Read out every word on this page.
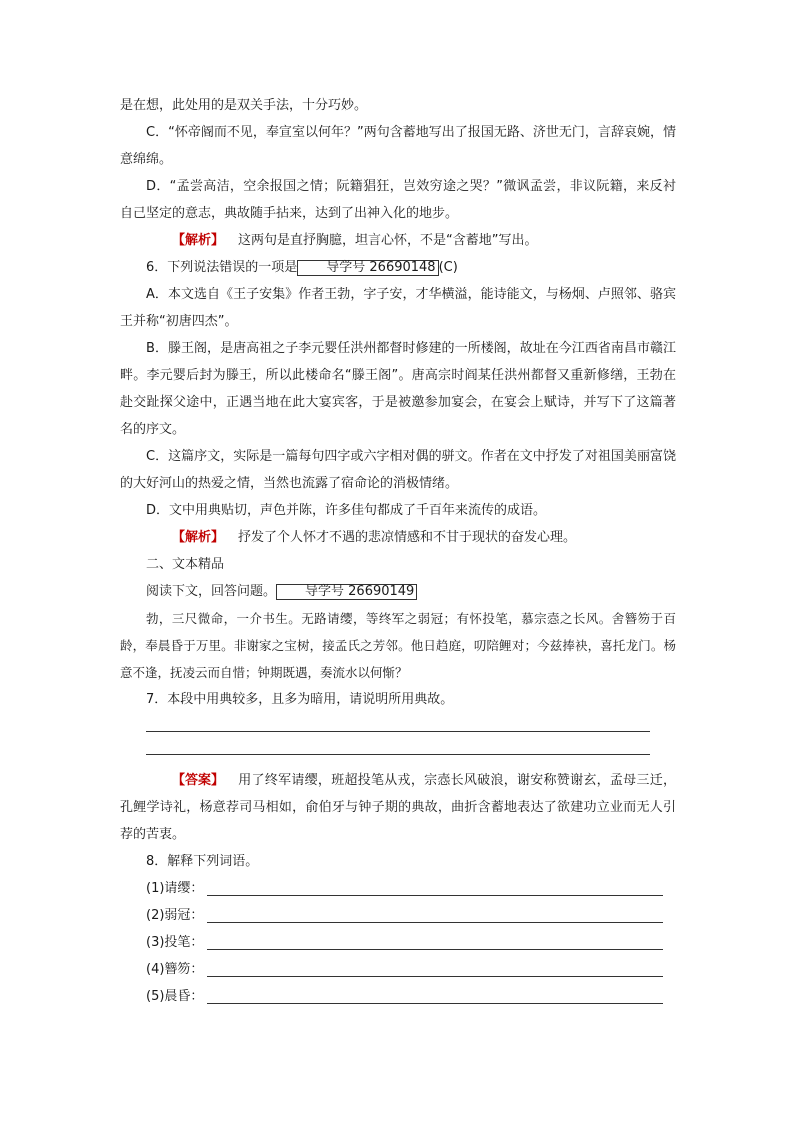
是在想，此处用的是双关手法，十分巧妙。

C．“怀帝阍而不见，奉宣室以何年？”两句含蓄地写出了报国无路、济世无门，言辞哀婉，情意绵绵。

D．“孟尝高洁，空余报国之情；阮籍猖狂，岂效穷途之哭？”微讽孟尝，非议阮籍，来反衬自己坚定的意志，典故随手拈来，达到了出神入化的地步。

【解析】 这两句是直抒胸臆，坦言心怀，不是“含蓄地”写出。

6．下列说法错误的一项是 导学号 26690148 (C)

A．本文选自《王子安集》作者王勃，字子安，才华横溢，能诗能文，与杨炯、卢照邻、骆宾王并称“初唐四杰”。

B．滕王阁，是唐高祖之子李元婴任洪州都督时修建的一所楼阁，故址在今江西省南昌市赣江畔。李元婴后封为滕王，所以此楼命名“滕王阁”。唐高宗时阎某任洪州都督又重新修缮，王勃在赴交趾探父途中，正遇当地在此大宴宾客，于是被邀参加宴会，在宴会上赋诗，并写下了这篇著名的序文。

C．这篇序文，实际是一篇每句四字或六字相对偶的骈文。作者在文中抒发了对祖国美丽富饶的大好河山的热爱之情，当然也流露了宿命论的消极情绪。

D．文中用典贴切，声色并陈，许多佳句都成了千百年来流传的成语。

【解析】 抒发了个人怀才不遇的悲凉情感和不甘于现状的奋发心理。

二、文本精品

阅读下文，回答问题。 导学号 26690149

勃，三尺微命，一介书生。无路请缨，等终军之弱冠；有怀投笔，慕宗悫之长风。舍簪笏于百龄，奉晨昏于万里。非谢家之宝树，接孟氏之芳邻。他日趋庭，叨陪鲤对；今兹捧袂，喜托龙门。杨意不逢，抚凌云而自惜；钟期既遇，奏流水以何惭？

7．本段中用典较多，且多为暗用，请说明所用典故。

【答案】 用了终军请缨，班超投笔从戎，宗悫长风破浪，谢安称赞谢玄，孟母三迁，孔鲤学诗礼，杨意荐司马相如，俞伯牙与钟子期的典故，曲折含蓄地表达了欲建功立业而无人引荐的苦衷。

8．解释下列词语。

(1)请缨：
(2)弱冠：
(3)投笔：
(4)簪笏：
(5)晨昏：
